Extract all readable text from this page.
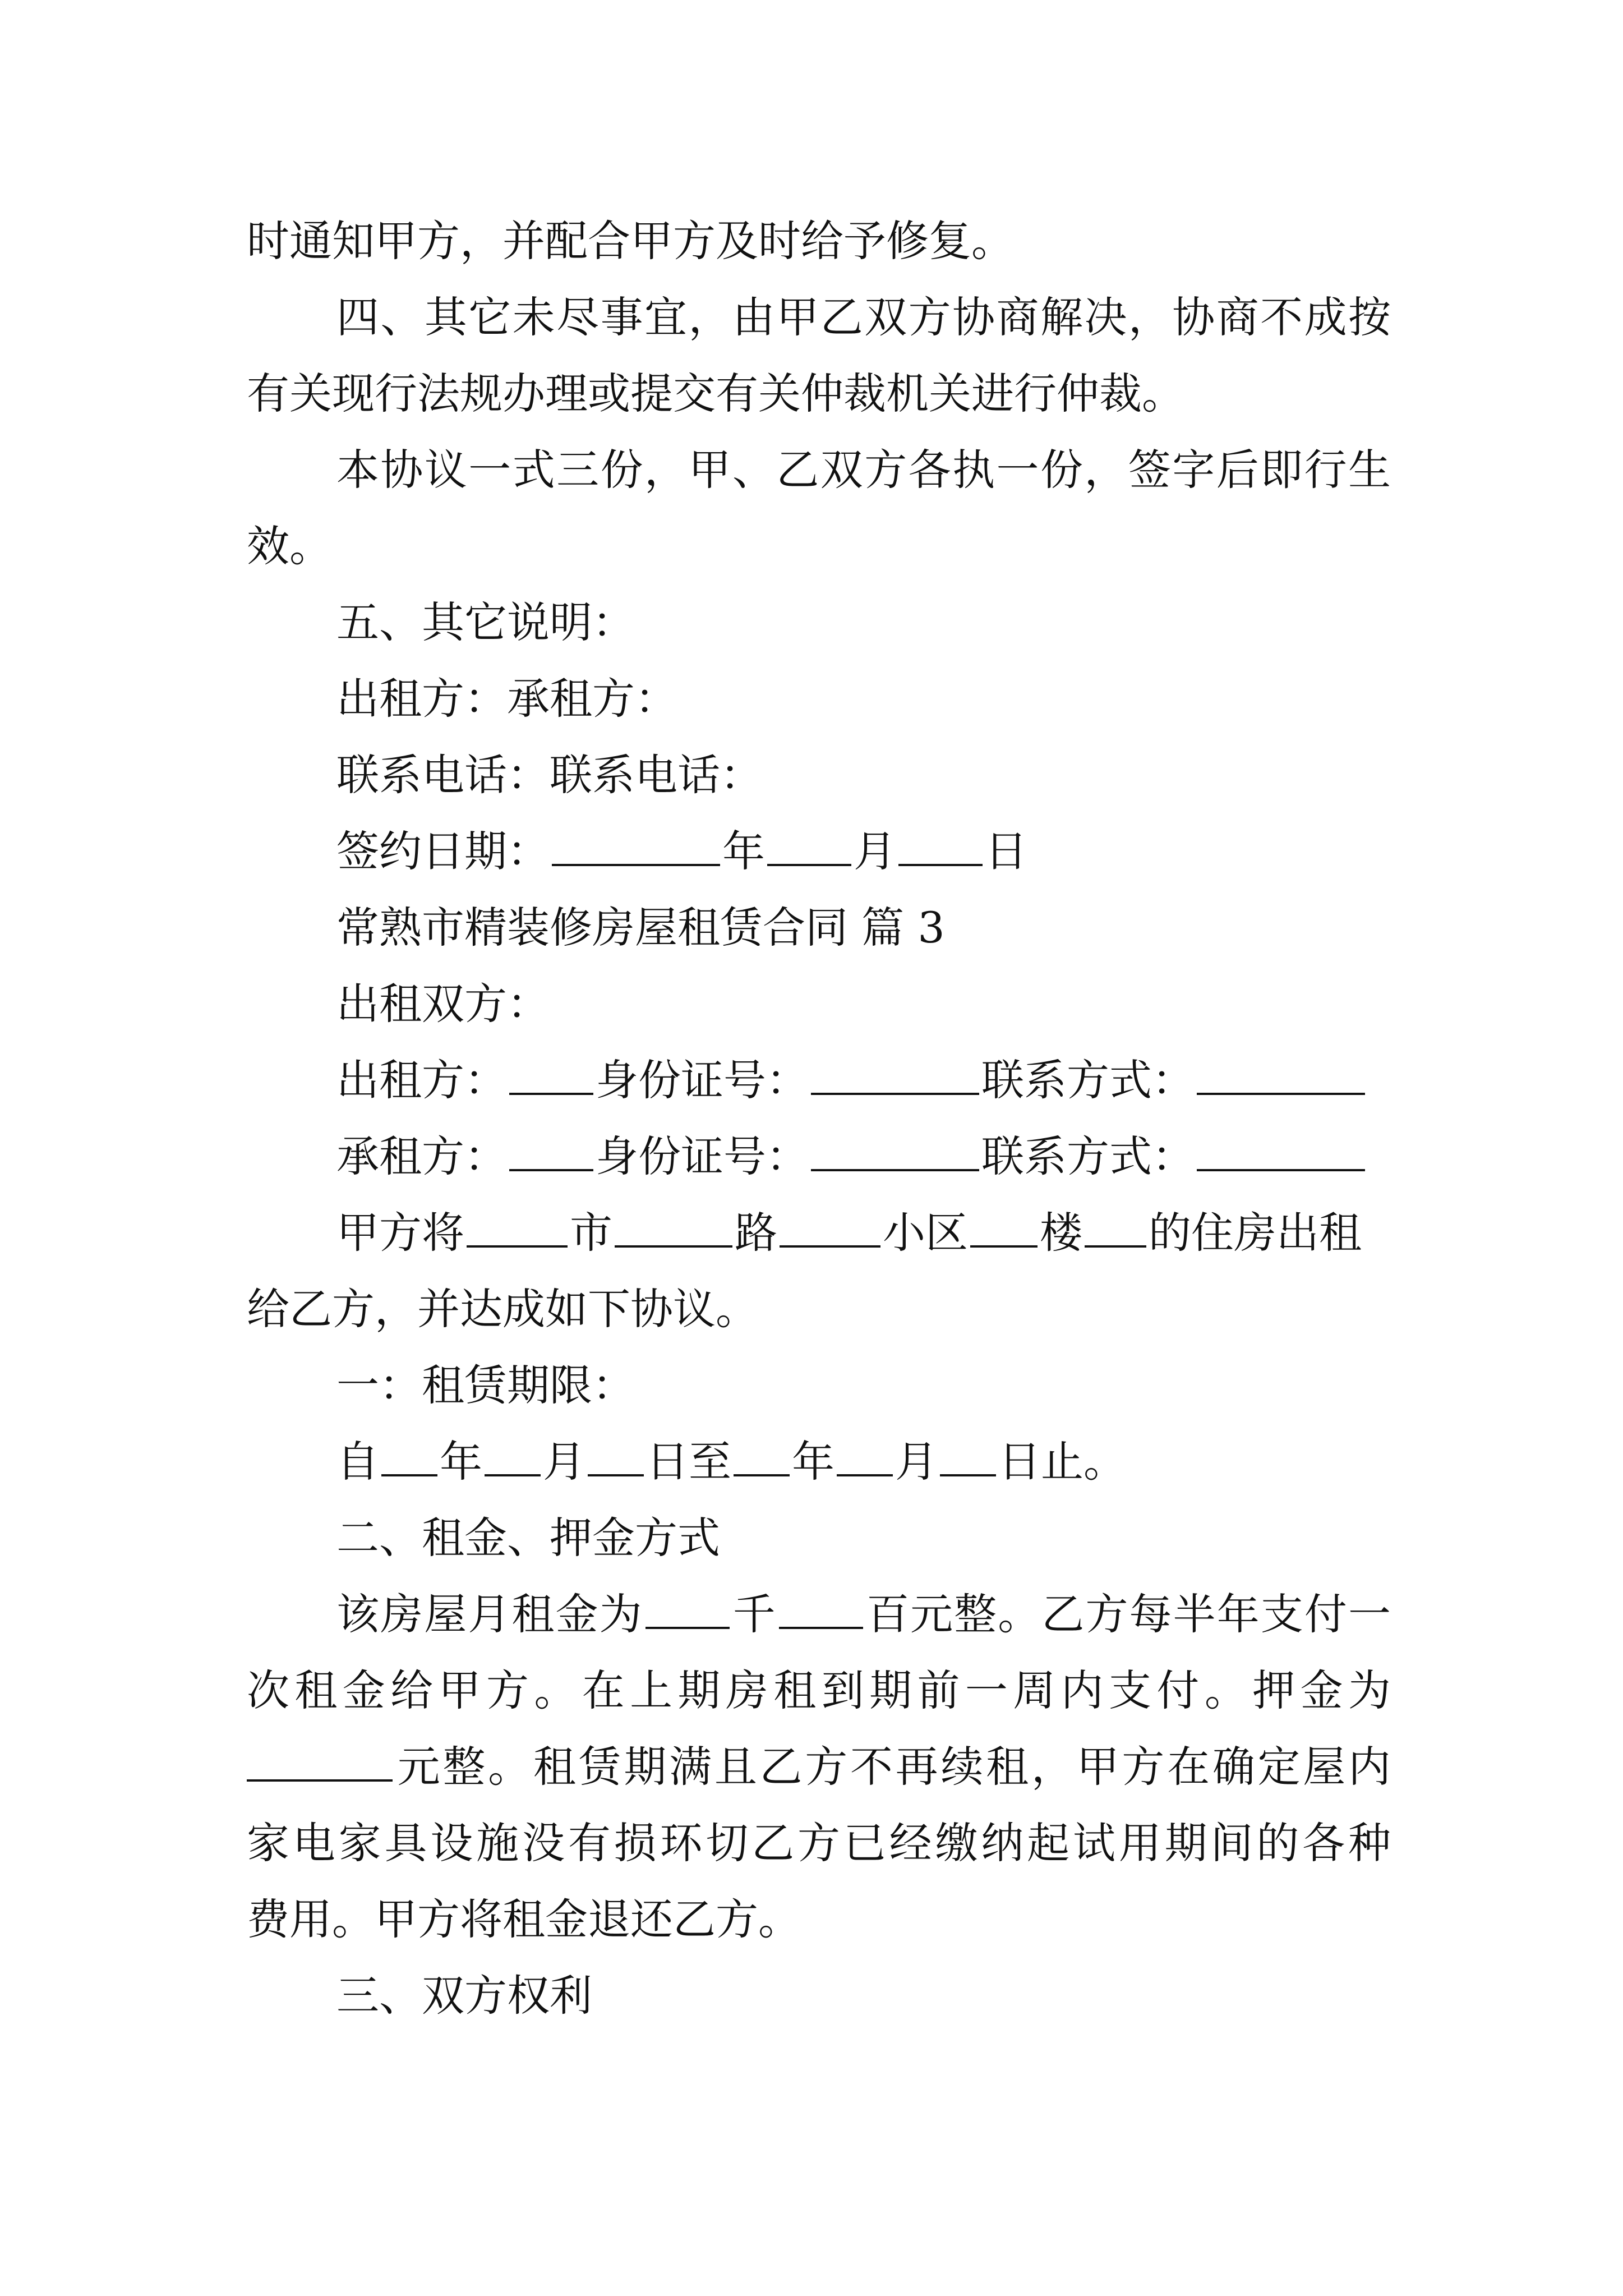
时通知甲方，并配合甲方及时给予修复。
四、其它未尽事宜，由甲乙双方协商解决，协商不成按
有关现行法规办理或提交有关仲裁机关进行仲裁。
本协议一式三份，甲、乙双方各执一份，签字后即行生
效。
五、其它说明：
出租方：承租方：
联系电话：联系电话：
签约日期：	年 月 日
常熟市精装修房屋租赁合同 篇 3
出租双方：
出租方： 身份证号：	联系方式：
承租方： 身份证号：	联系方式：
甲方将 市	路 小区 楼 的住房出租
给乙方，并达成如下协议。
一：租赁期限：
自 年 月 日至 年 月 日止。
二、租金、押金方式
该房屋月租金为 千 百元整。乙方每半年支付一
次租金给甲方。在上期房租到期前一周内支付。押金为
元整。租赁期满且乙方不再续租，甲方在确定屋内
家电家具设施没有损环切乙方已经缴纳起试用期间的各种
费用。甲方将租金退还乙方。
三、双方权利
